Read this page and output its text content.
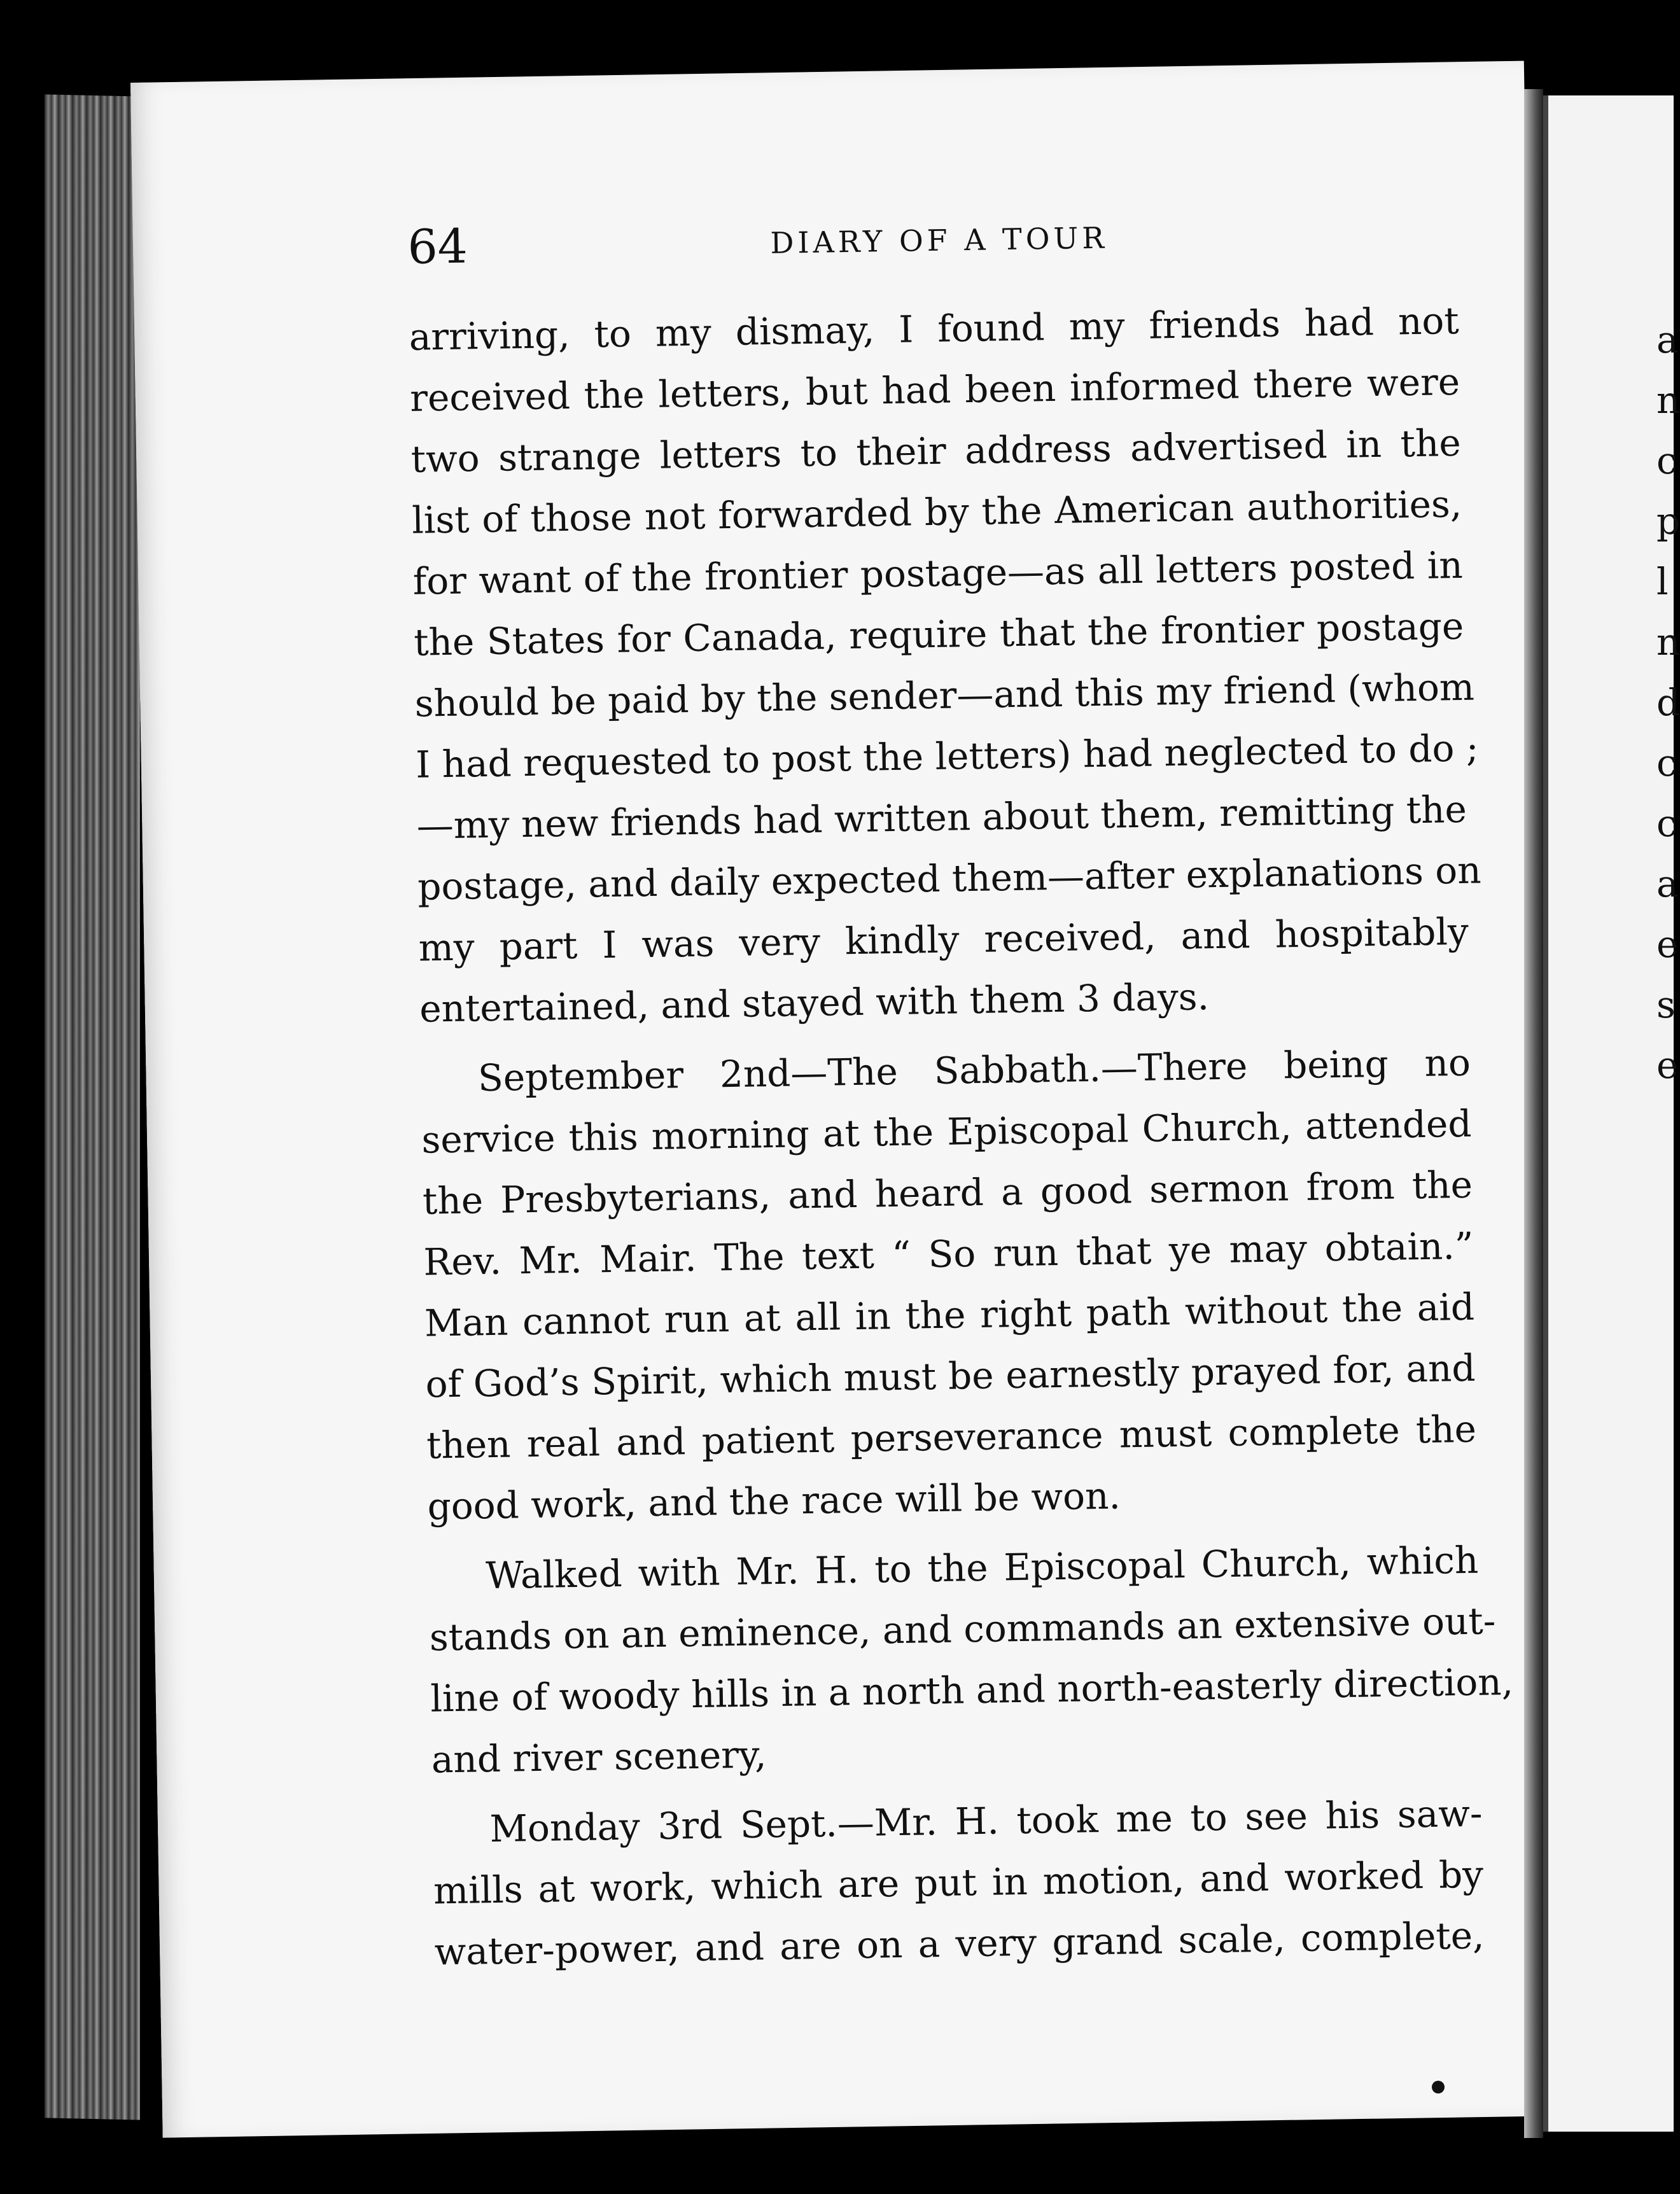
a
n
c
p
l
n
d
c
c
a
e
s
e
64	DIARY OF A TOUR

arriving, to my dismay, I found my friends had not
received the letters, but had been informed there were
two strange letters to their address advertised in the
list of those not forwarded by the American authorities,
for want of the frontier postage—as all letters posted in
the States for Canada, require that the frontier postage
should be paid by the sender—and this my friend (whom
I had requested to post the letters) had neglected to do ;
—my new friends had written about them, remitting the
postage, and daily expected them—after explanations on
my part I was very kindly received, and hospitably
entertained, and stayed with them 3 days.

September 2nd—The Sabbath.—There being no
service this morning at the Episcopal Church, attended
the Presbyterians, and heard a good sermon from the
Rev. Mr. Mair. The text “ So run that ye may obtain.”
Man cannot run at all in the right path without the aid
of God’s Spirit, which must be earnestly prayed for, and
then real and patient perseverance must complete the
good work, and the race will be won.

Walked with Mr. H. to the Episcopal Church, which
stands on an eminence, and commands an extensive out-
line of woody hills in a north and north-easterly direction,
and river scenery,

Monday 3rd Sept.—Mr. H. took me to see his saw-
mills at work, which are put in motion, and worked by
water-power, and are on a very grand scale, complete,
